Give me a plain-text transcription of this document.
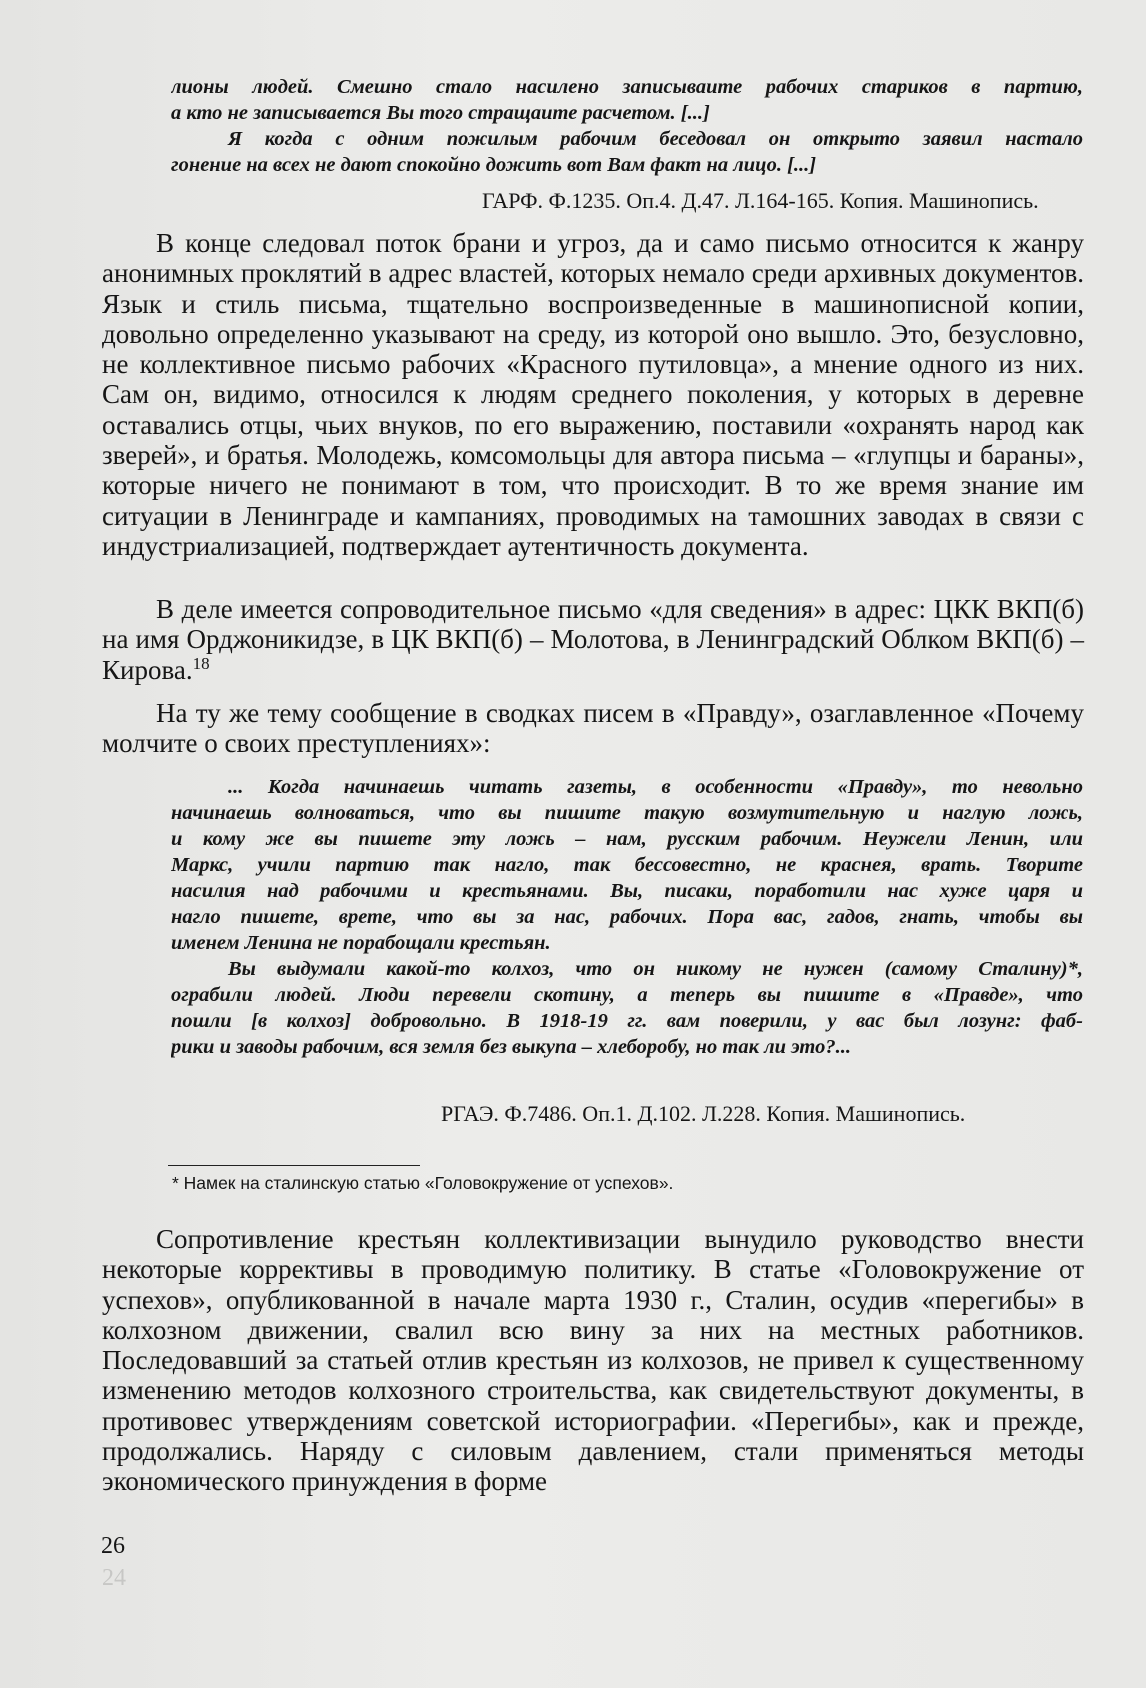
лионы людей. Смешно стало насилено записываите рабочих стариков в партию,
а кто не записывается Вы того стращаите расчетом. [...]
Я когда с одним пожилым рабочим беседовал он открыто заявил настало
гонение на всех не дают спокойно дожить вот Вам факт на лицо. [...]
ГАРФ. Ф.1235. Оп.4. Д.47. Л.164-165. Копия. Машинопись.

В конце следовал поток брани и угроз, да и само письмо относится к жанру анонимных проклятий в адрес властей, которых немало среди архивных документов. Язык и стиль письма, тщательно воспроизведенные в машинописной копии, довольно определенно указывают на среду, из которой оно вышло. Это, безусловно, не коллективное письмо рабочих «Красного путиловца», а мнение одного из них. Сам он, видимо, относился к людям среднего поколения, у которых в деревне оставались отцы, чьих внуков, по его выражению, поставили «охранять народ как зверей», и братья. Молодежь, комсомольцы для автора письма – «глупцы и бараны», которые ничего не понимают в том, что происходит. В то же время знание им ситуации в Ленинграде и кампаниях, проводимых на тамошних заводах в связи с индустриализацией, подтверждает аутентичность документа.

В деле имеется сопроводительное письмо «для сведения» в адрес: ЦКК ВКП(б) на имя Орджоникидзе, в ЦК ВКП(б) – Молотова, в Ленинградский Облком ВКП(б) – Кирова.$^{18}$

На ту же тему сообщение в сводках писем в «Правду», озаглавленное «Почему молчите о своих преступлениях»:

... Когда начинаешь читать газеты, в особенности «Правду», то невольно
начинаешь волноваться, что вы пишите такую возмутительную и наглую ложь,
и кому же вы пишете эту ложь – нам, русским рабочим. Неужели Ленин, или
Маркс, учили партию так нагло, так бессовестно, не краснея, врать. Творите
насилия над рабочими и крестьянами. Вы, писаки, поработили нас хуже царя и
нагло пишете, врете, что вы за нас, рабочих. Пора вас, гадов, гнать, чтобы вы
именем Ленина не порабощали крестьян.
Вы выдумали какой-то колхоз, что он никому не нужен (самому Сталину)*,
ограбили людей. Люди перевели скотину, а теперь вы пишите в «Правде», что
пошли [в колхоз] добровольно. В 1918-19 гг. вам поверили, у вас был лозунг: фаб-
рики и заводы рабочим, вся земля без выкупа – хлеборобу, но так ли это?...
РГАЭ. Ф.7486. Оп.1. Д.102. Л.228. Копия. Машинопись.
* Намек на сталинскую статью «Головокружение от успехов».

Сопротивление крестьян коллективизации вынудило руководство внести некоторые коррективы в проводимую политику. В статье «Головокружение от успехов», опубликованной в начале марта 1930 г., Сталин, осудив «перегибы» в колхозном движении, свалил всю вину за них на местных работников. Последовавший за статьей отлив крестьян из колхозов, не привел к существенному изменению методов колхозного строительства, как свидетельствуют документы, в противовес утверждениям советской историографии. «Перегибы», как и прежде, продолжались. Наряду с силовым давлением, стали применяться методы экономического принуждения в форме

26
24
